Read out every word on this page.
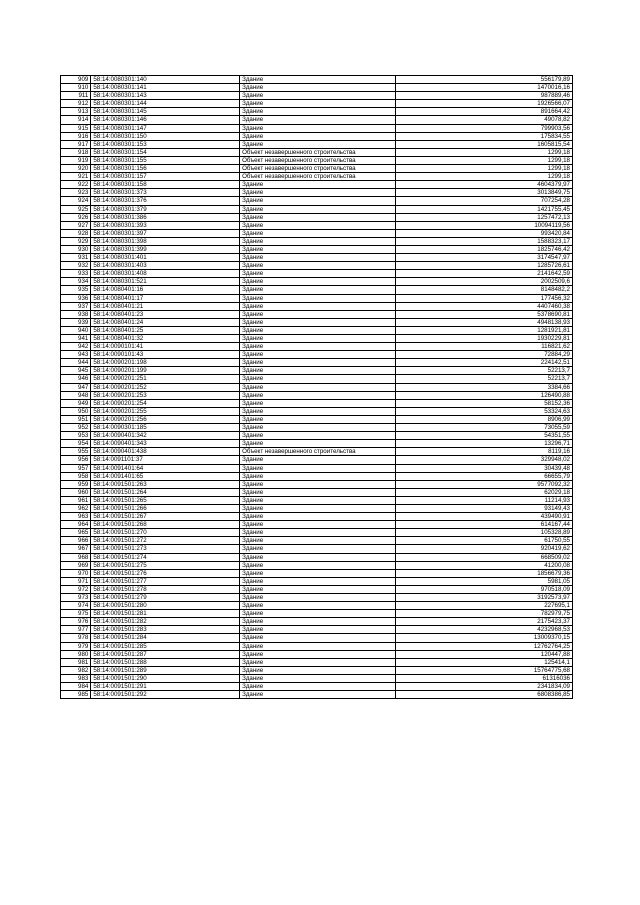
909	58:14:0080301:140	Здание	556179,89
910	58:14:0080301:141	Здание	1470016,16
911	58:14:0080301:143	Здание	987889,46
912	58:14:0080301:144	Здание	1926566,07
913	58:14:0080301:145	Здание	891664,42
914	58:14:0080301:146	Здание	49078,82
915	58:14:0080301:147	Здание	799903,56
916	58:14:0080301:150	Здание	175834,55
917	58:14:0080301:153	Здание	1605815,54
918	58:14:0080301:154	Объект незавершенного строительства	1299,18
919	58:14:0080301:155	Объект незавершенного строительства	1299,18
920	58:14:0080301:156	Объект незавершенного строительства	1299,18
921	58:14:0080301:157	Объект незавершенного строительства	1299,18
922	58:14:0080301:158	Здание	4604379,97
923	58:14:0080301:373	Здание	3013849,75
924	58:14:0080301:376	Здание	707254,28
925	58:14:0080301:379	Здание	1421755,45
926	58:14:0080301:386	Здание	1257472,13
927	58:14:0080301:393	Здание	10094119,56
928	58:14:0080301:397	Здание	993420,84
929	58:14:0080301:398	Здание	1588323,17
930	58:14:0080301:399	Здание	1825746,42
931	58:14:0080301:401	Здание	3174547,97
932	58:14:0080301:403	Здание	1285726,61
933	58:14:0080301:408	Здание	2141642,59
934	58:14:0080301:521	Здание	2002509,6
935	58:14:0080401:16	Здание	8148482,2
936	58:14:0080401:17	Здание	177456,32
937	58:14:0080401:21	Здание	4407460,38
938	58:14:0080401:23	Здание	5378690,81
939	58:14:0080401:24	Здание	4948138,93
940	58:14:0080401:25	Здание	1281921,81
941	58:14:0080401:32	Здание	1930229,81
942	58:14:0090101:41	Здание	116821,62
943	58:14:0090101:43	Здание	72884,29
944	58:14:0090201:198	Здание	224142,51
945	58:14:0090201:199	Здание	52213,7
946	58:14:0090201:251	Здание	52213,7
947	58:14:0090201:252	Здание	3384,66
948	58:14:0090201:253	Здание	126490,88
949	58:14:0090201:254	Здание	58152,36
950	58:14:0090201:255	Здание	53324,63
951	58:14:0090201:256	Здание	8906,99
952	58:14:0090301:185	Здание	73055,59
953	58:14:0090401:342	Здание	54351,55
954	58:14:0090401:343	Здание	13296,71
955	58:14:0090401:438	Объект незавершенного строительства	8119,16
956	58:14:0091101:37	Здание	329948,02
957	58:14:0091401:64	Здание	30439,48
958	58:14:0091401:65	Здание	66655,79
959	58:14:0091501:263	Здание	9577092,32
960	58:14:0091501:264	Здание	62029,18
961	58:14:0091501:265	Здание	11214,93
962	58:14:0091501:266	Здание	93149,43
963	58:14:0091501:267	Здание	439490,91
964	58:14:0091501:268	Здание	614167,44
965	58:14:0091501:270	Здание	105328,89
966	58:14:0091501:272	Здание	61750,55
967	58:14:0091501:273	Здание	920419,62
968	58:14:0091501:274	Здание	668509,02
969	58:14:0091501:275	Здание	41200,08
970	58:14:0091501:276	Здание	1856679,36
971	58:14:0091501:277	Здание	5981,05
972	58:14:0091501:278	Здание	970518,09
973	58:14:0091501:279	Здание	3192573,97
974	58:14:0091501:280	Здание	227695,1
975	58:14:0091501:281	Здание	782979,75
976	58:14:0091501:282	Здание	2175423,37
977	58:14:0091501:283	Здание	4232968,53
978	58:14:0091501:284	Здание	13009370,15
979	58:14:0091501:285	Здание	12762764,25
980	58:14:0091501:287	Здание	120447,88
981	58:14:0091501:288	Здание	125414,1
982	58:14:0091501:289	Здание	15764775,68
983	58:14:0091501:290	Здание	61316036
984	58:14:0091501:291	Здание	2341834,09
985	58:14:0091501:292	Здание	6808386,85
